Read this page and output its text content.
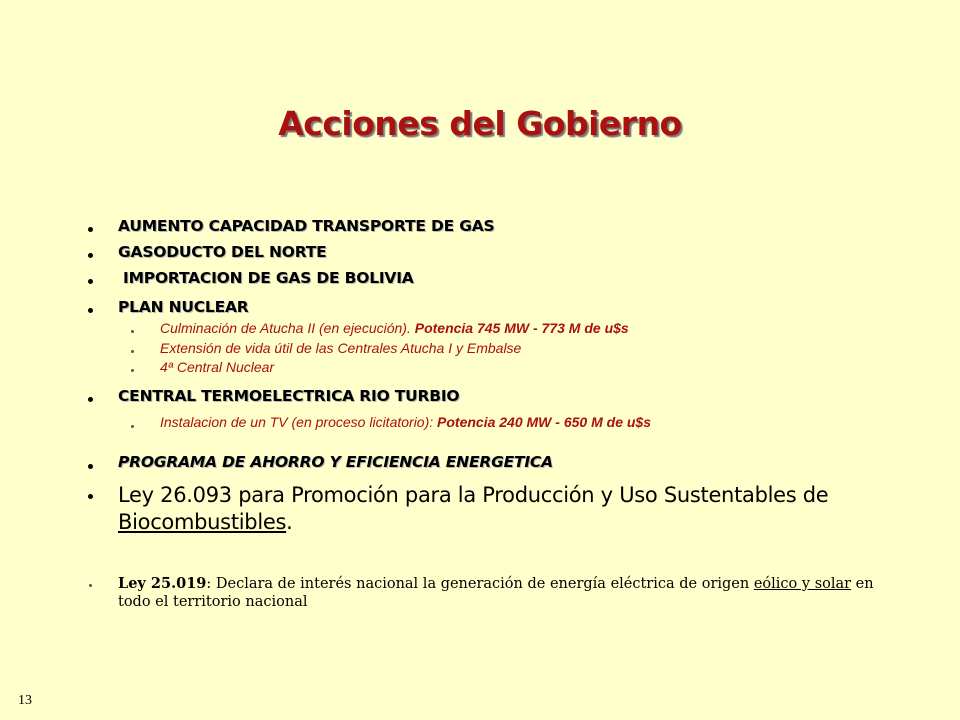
Acciones del Gobierno
AUMENTO CAPACIDAD TRANSPORTE DE GAS
GASODUCTO DEL NORTE
IMPORTACION DE GAS DE BOLIVIA
PLAN NUCLEAR
Culminación de Atucha II (en ejecución). Potencia 745 MW - 773 M de u$s
Extensión de vida útil de las Centrales Atucha I y Embalse
4ª Central Nuclear
CENTRAL TERMOELECTRICA RIO TURBIO
Instalacion de un TV (en proceso licitatorio): Potencia 240 MW - 650 M de u$s
PROGRAMA DE AHORRO Y EFICIENCIA ENERGETICA
Ley 26.093 para Promoción para la Producción y Uso Sustentables de Biocombustibles.
Ley 25.019: Declara de interés nacional la generación de energía eléctrica de origen eólico y solar en todo el territorio nacional
13
